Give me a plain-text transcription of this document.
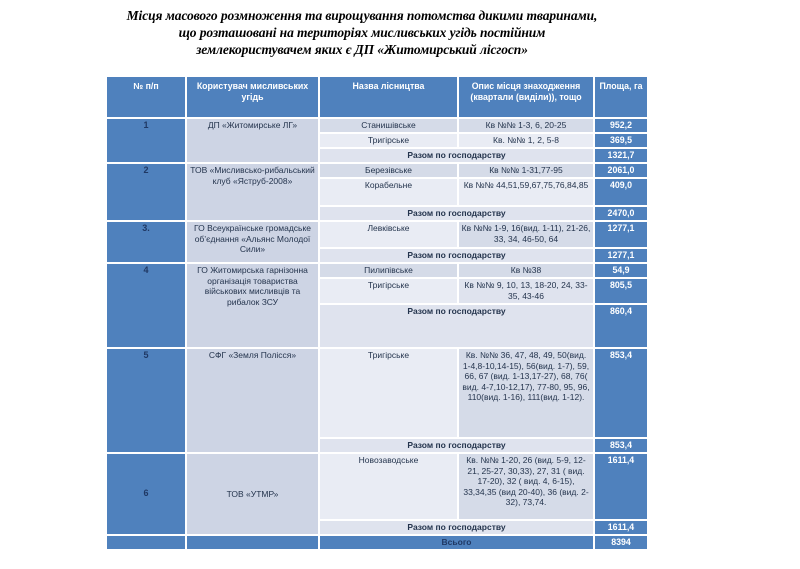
Місця масового розмноження та вирощування потомства дикими тваринами,
що розташовані на територіях мисливських угідь постійним
землекористувачем яких є ДП «Житомирський лісгосп»
№ п/п	Користувач мисливських угідь	Назва лісництва	Опис місця знаходження (квартали (виділи)), тощо	Площа, га
1	ДП «Житомирське ЛГ»	Станишівське	Кв №№ 1-3, 6, 20-25	952,2
		Тригірське	Кв. №№ 1, 2, 5-8	369,5
		Разом по господарству		1321,7
2	ТОВ «Мисливсько-рибальський клуб «Яструб-2008»	Березівське	Кв №№ 1-31,77-95	2061,0
		Корабельне	Кв №№ 44,51,59,67,75,76,84,85	409,0
		Разом по господарству		2470,0
3.	ГО Всеукраїнське громадське об’єднання «Альянс Молодої Сили»	Левківське	Кв №№ 1-9, 16(вид. 1-11), 21-26, 33, 34, 46-50, 64	1277,1
		Разом по господарству		1277,1
4	ГО Житомирська гарнізонна організація товариства військових мисливців та рибалок ЗСУ	Пилипівське	Кв №38	54,9
		Тригірське	Кв №№ 9, 10, 13, 18-20, 24, 33-35, 43-46	805,5
		Разом по господарству		860,4
5	СФГ «Земля Полісся»	Тригірське	Кв. №№ 36, 47, 48, 49, 50(вид. 1-4,8-10,14-15), 56(вид. 1-7), 59, 66, 67 (вид. 1-13,17-27), 68, 76( вид. 4-7,10-12,17), 77-80, 95, 96, 110(вид. 1-16), 111(вид. 1-12).	853,4
		Разом по господарству		853,4
6	ТОВ «УТМР»	Новозаводське	Кв. №№ 1-20, 26 (вид. 5-9, 12-21, 25-27, 30,33), 27, 31 ( вид. 17-20), 32 ( вид. 4, 6-15), 33,34,35 (вид 20-40), 36 (вид. 2-32), 73,74.	1611,4
		Разом по господарству		1611,4
		Всього		8394
